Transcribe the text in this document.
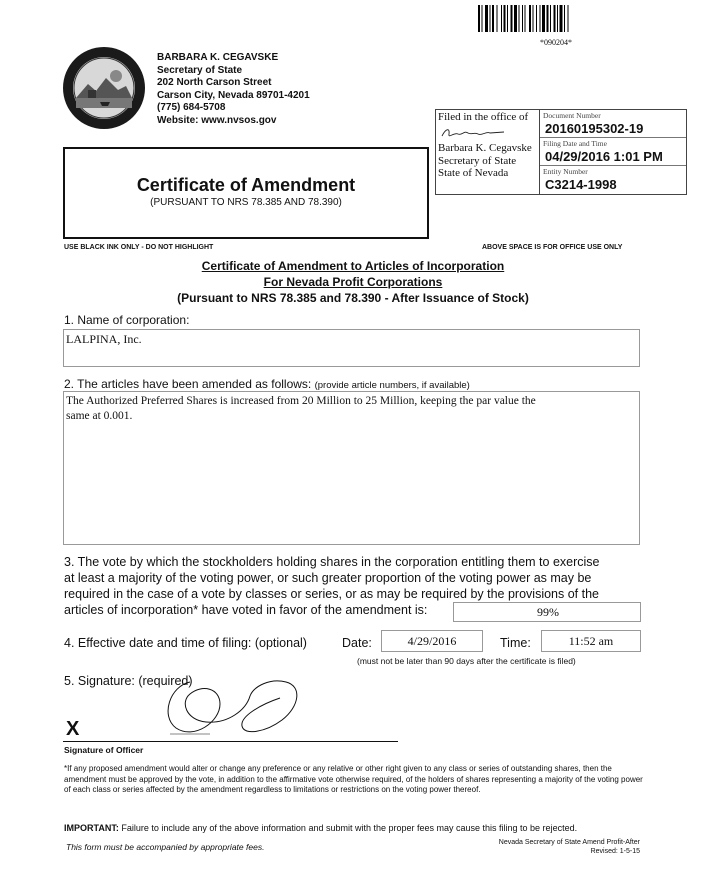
*090204*
BARBARA K. CEGAVSKE
Secretary of State
202 North Carson Street
Carson City, Nevada 89701-4201
(775) 684-5708
Website: www.nvsos.gov	Filed in the office of
Barbara K. Cegavske
Secretary of State
State of Nevada
Document Number
20160195302-19
Filing Date and Time
04/29/2016 1:01 PM
Entity Number
C3214-1998
Certificate of Amendment
(PURSUANT TO NRS 78.385 AND 78.390)
USE BLACK INK ONLY - DO NOT HIGHLIGHT	ABOVE SPACE IS FOR OFFICE USE ONLY
Certificate of Amendment to Articles of Incorporation
For Nevada Profit Corporations
(Pursuant to NRS 78.385 and 78.390 - After Issuance of Stock)
1. Name of corporation:
LALPINA, Inc.
2. The articles have been amended as follows: (provide article numbers, if available)
The Authorized Preferred Shares is increased from 20 Million to 25 Million, keeping the par value the
same at 0.001.
3. The vote by which the stockholders holding shares in the corporation entitling them to exercise
at least a majority of the voting power, or such greater proportion of the voting power as may be
required in the case of a vote by classes or series, or as may be required by the provisions of the
articles of incorporation* have voted in favor of the amendment is:	99%
4. Effective date and time of filing: (optional)	Date:	4/29/2016	Time:	11:52 am
(must not be later than 90 days after the certificate is filed)
5. Signature: (required)
X
Signature of Officer
*If any proposed amendment would alter or change any preference or any relative or other right given to any class or series of outstanding shares, then the amendment must be approved by the vote, in addition to the affirmative vote otherwise required, of the holders of shares representing a majority of the voting power of each class or series affected by the amendment regardless to limitations or restrictions on the voting power thereof.
IMPORTANT: Failure to include any of the above information and submit with the proper fees may cause this filing to be rejected.
This form must be accompanied by appropriate fees.	Nevada Secretary of State Amend Profit-After
Revised: 1-5-15
